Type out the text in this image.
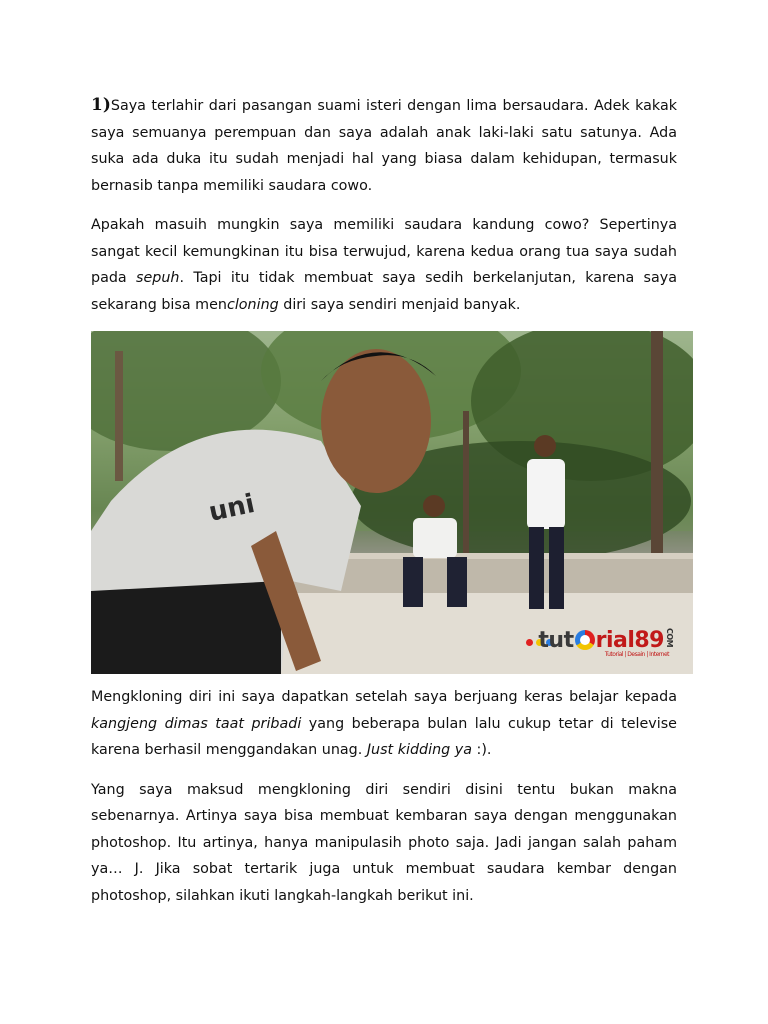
1)Saya terlahir dari pasangan suami isteri dengan lima bersaudara. Adek kakak saya semuanya perempuan dan saya adalah anak laki-laki satu satunya. Ada suka ada duka itu sudah menjadi hal yang biasa dalam kehidupan, termasuk bernasib tanpa memiliki saudara cowo.

Apakah masuih mungkin saya memiliki saudara kandung cowo? Sepertinya sangat kecil kemungkinan itu bisa terwujud, karena kedua orang tua saya sudah pada sepuh. Tapi itu tidak membuat saya sedih berkelanjutan, karena saya sekarang bisa mencloning diri saya sendiri menjaid banyak.

uni
tut rial89COM
Tutorial | Desain | Internet

Mengkloning diri ini saya dapatkan setelah saya berjuang keras belajar kepada kangjeng dimas taat pribadi yang beberapa bulan lalu cukup tetar di televise karena berhasil menggandakan unag. Just kidding ya :).

Yang saya maksud mengkloning diri sendiri disini tentu bukan makna sebenarnya. Artinya saya bisa membuat kembaran saya dengan menggunakan photoshop. Itu artinya, hanya manipulasih photo saja. Jadi jangan salah paham ya… J. Jika sobat tertarik juga untuk membuat saudara kembar dengan photoshop, silahkan ikuti langkah-langkah berikut ini.
